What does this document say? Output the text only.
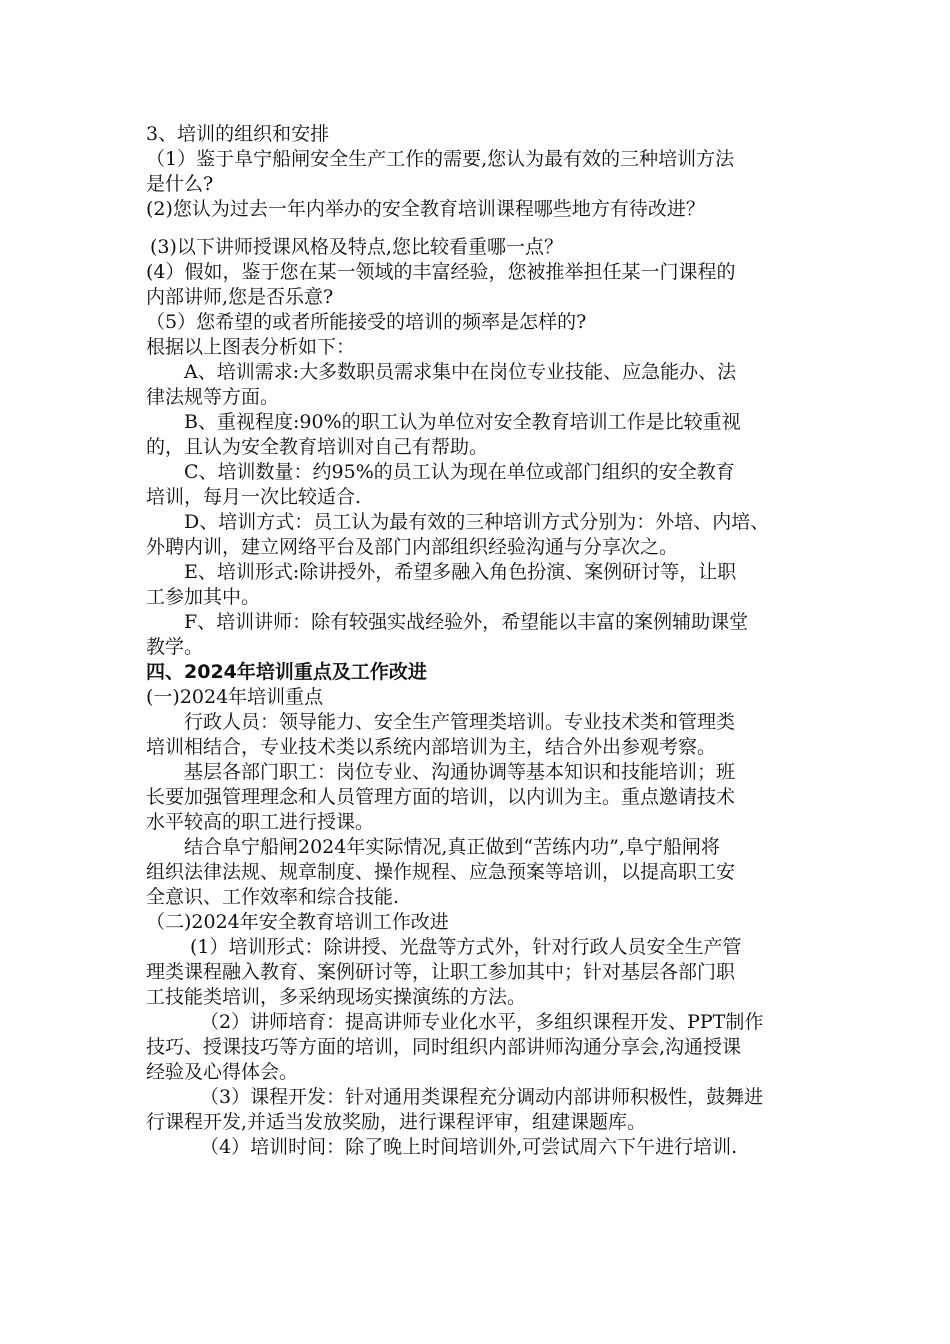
3、培训的组织和安排
（1）鉴于阜宁船闸安全生产工作的需要,您认为最有效的三种培训方法
是什么?
(2)您认为过去一年内举办的安全教育培训课程哪些地方有待改进？
(3)以下讲师授课风格及特点,您比较看重哪一点？
(4）假如，鉴于您在某一领域的丰富经验，您被推举担任某一门课程的
内部讲师,您是否乐意?
（5）您希望的或者所能接受的培训的频率是怎样的?
根据以上图表分析如下：
A、培训需求:大多数职员需求集中在岗位专业技能、应急能办、法
律法规等方面。
B、重视程度:90%的职工认为单位对安全教育培训工作是比较重视
的，且认为安全教育培训对自己有帮助。
C、培训数量：约95%的员工认为现在单位或部门组织的安全教育
培训，每月一次比较适合.
D、培训方式：员工认为最有效的三种培训方式分别为：外培、内培、
外聘内训，建立网络平台及部门内部组织经验沟通与分享次之。
E、培训形式:除讲授外，希望多融入角色扮演、案例研讨等，让职
工参加其中。
F、培训讲师：除有较强实战经验外，希望能以丰富的案例辅助课堂
教学。
四、2024年培训重点及工作改进
(一)2024年培训重点
行政人员：领导能力、安全生产管理类培训。专业技术类和管理类
培训相结合，专业技术类以系统内部培训为主，结合外出参观考察。
基层各部门职工：岗位专业、沟通协调等基本知识和技能培训；班
长要加强管理理念和人员管理方面的培训，以内训为主。重点邀请技术
水平较高的职工进行授课。
结合阜宁船闸2024年实际情况,真正做到“苦练内功”,阜宁船闸将
组织法律法规、规章制度、操作规程、应急预案等培训，以提高职工安
全意识、工作效率和综合技能.
（二)2024年安全教育培训工作改进
(1）培训形式：除讲授、光盘等方式外，针对行政人员安全生产管
理类课程融入教育、案例研讨等，让职工参加其中；针对基层各部门职
工技能类培训，多采纳现场实操演练的方法。
（2）讲师培育：提高讲师专业化水平，多组织课程开发、PPT制作
技巧、授课技巧等方面的培训，同时组织内部讲师沟通分享会,沟通授课
经验及心得体会。
（3）课程开发：针对通用类课程充分调动内部讲师积极性，鼓舞进
行课程开发,并适当发放奖励，进行课程评审，组建课题库。
（4）培训时间：除了晚上时间培训外,可尝试周六下午进行培训.
